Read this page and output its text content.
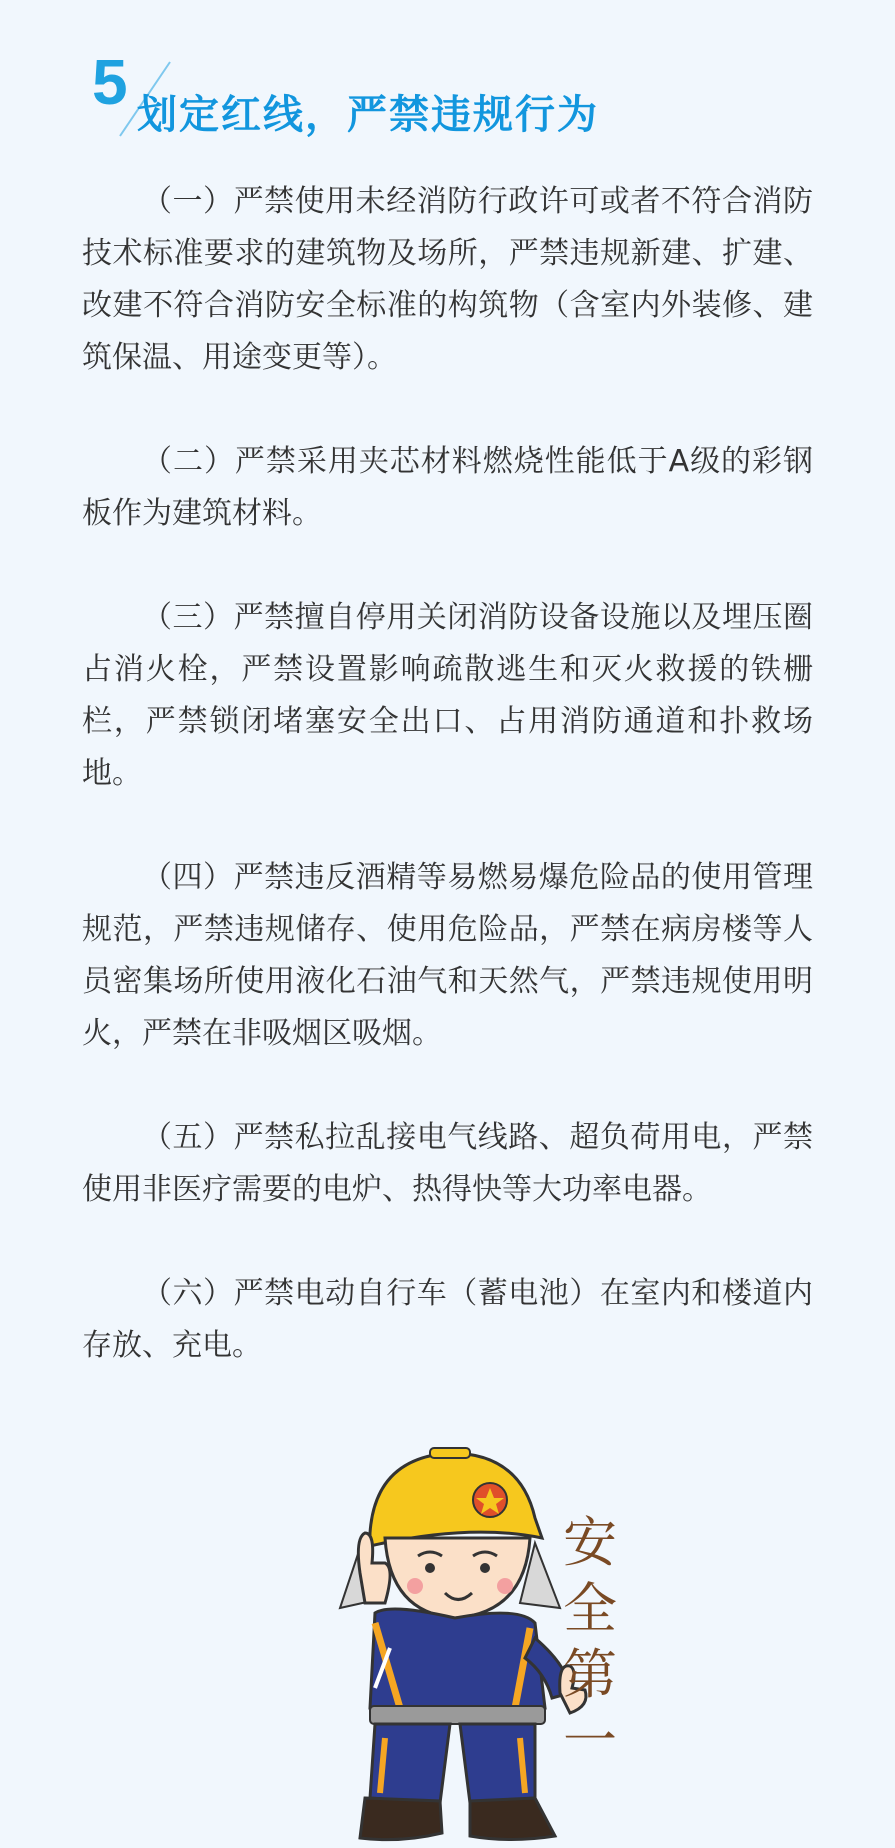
5 划定红线，严禁违规行为

（一）严禁使用未经消防行政许可或者不符合消防技术标准要求的建筑物及场所，严禁违规新建、扩建、改建不符合消防安全标准的构筑物（含室内外装修、建筑保温、用途变更等）。

（二）严禁采用夹芯材料燃烧性能低于A级的彩钢板作为建筑材料。

（三）严禁擅自停用关闭消防设备设施以及埋压圈占消火栓，严禁设置影响疏散逃生和灭火救援的铁栅栏，严禁锁闭堵塞安全出口、占用消防通道和扑救场地。

（四）严禁违反酒精等易燃易爆危险品的使用管理规范，严禁违规储存、使用危险品，严禁在病房楼等人员密集场所使用液化石油气和天然气，严禁违规使用明火，严禁在非吸烟区吸烟。

（五）严禁私拉乱接电气线路、超负荷用电，严禁使用非医疗需要的电炉、热得快等大功率电器。

（六）严禁电动自行车（蓄电池）在室内和楼道内存放、充电。

安
全
第
一
